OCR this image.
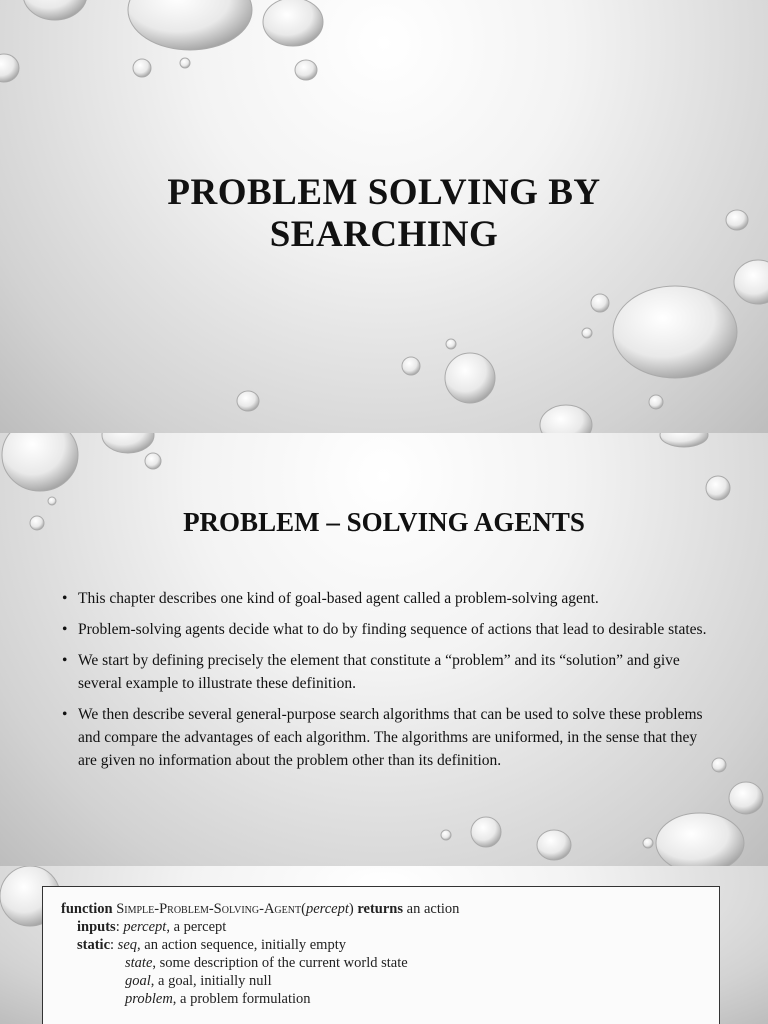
PROBLEM SOLVING BY
SEARCHING
PROBLEM – SOLVING AGENTS
• This chapter describes one kind of goal-based agent called a problem-solving agent.
• Problem-solving agents decide what to do by finding sequence of actions that lead to desirable states.
• We start by defining precisely the element that constitute a “problem” and its “solution” and give several example to illustrate these definition.
• We then describe several general-purpose search algorithms that can be used to solve these problems and compare the advantages of each algorithm. The algorithms are uniformed, in the sense that they are given no information about the problem other than its definition.
function Simple-Problem-Solving-Agent(percept) returns an action
inputs: percept, a percept
static: seq, an action sequence, initially empty
state, some description of the current world state
goal, a goal, initially null
problem, a problem formulation
